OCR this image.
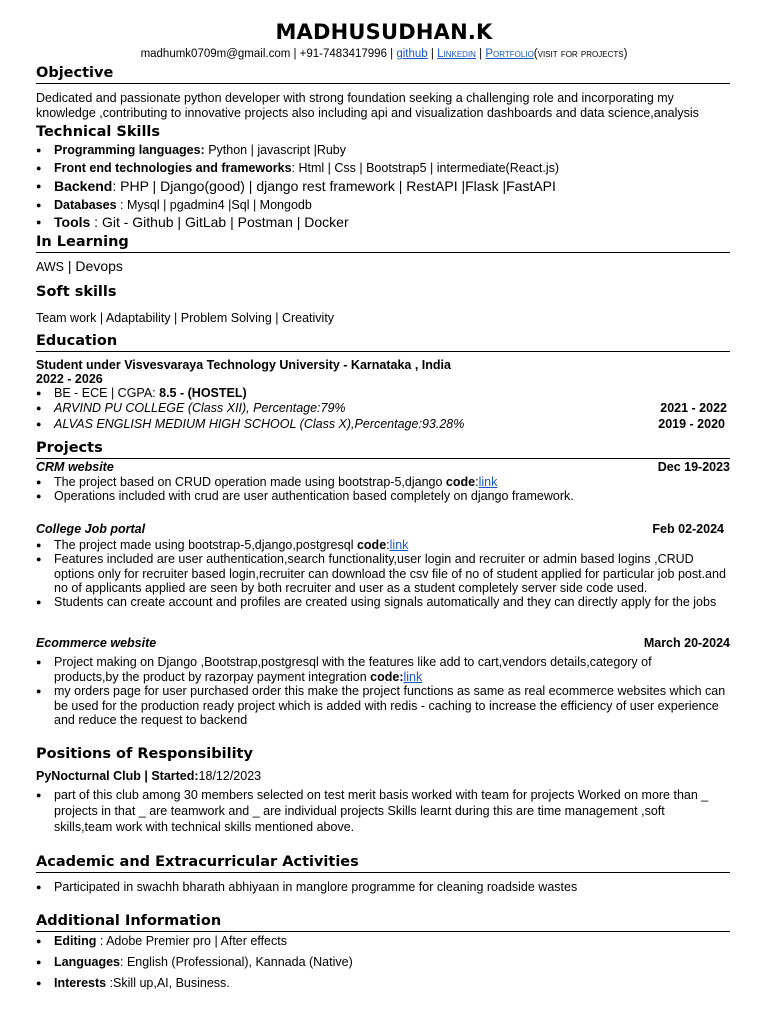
MADHUSUDHAN.K
madhumk0709m@gmail.com | +91-7483417996 | github | Linkedin | Portfolio(visit for projects)
Objective
Dedicated and passionate python developer with strong foundation seeking a challenging role and incorporating my knowledge ,contributing to innovative projects also including api and visualization dashboards and data science,analysis
Technical Skills
● Programming languages: Python | javascript |Ruby
● Front end technologies and frameworks: Html | Css | Bootstrap5 | intermediate(React.js)
● Backend: PHP | Django(good) | django rest framework | RestAPI |Flask |FastAPI
● Databases : Mysql | pgadmin4 |Sql | Mongodb
● Tools : Git - Github | GitLab | Postman | Docker
In Learning
AWS | Devops
Soft skills
Team work | Adaptability | Problem Solving | Creativity
Education
Student under Visvesvaraya Technology University - Karnataka , India
2022 - 2026
● BE - ECE | CGPA: 8.5 - (HOSTEL)
● ARVIND PU COLLEGE (Class XII), Percentage:79%	2021 - 2022
● ALVAS ENGLISH MEDIUM HIGH SCHOOL (Class X),Percentage:93.28%	2019 - 2020
Projects
CRM website	Dec 19-2023
● The project based on CRUD operation made using bootstrap-5,django code:link
● Operations included with crud are user authentication based completely on django framework.
College Job portal	Feb 02-2024
● The project made using bootstrap-5,django,postgresql code:link
● Features included are user authentication,search functionality,user login and recruiter or admin based logins ,CRUD options only for recruiter based login,recruiter can download the csv file of no of student applied for particular job post.and no of applicants applied are seen by both recruiter and user as a student completely server side code used.
● Students can create account and profiles are created using signals automatically and they can directly apply for the jobs
Ecommerce website	March 20-2024
● Project making on Django ,Bootstrap,postgresql with the features like add to cart,vendors details,category of products,by the product by razorpay payment integration code:link
● my orders page for user purchased order this make the project functions as same as real ecommerce websites which can be used for the production ready project which is added with redis - caching to increase the efficiency of user experience and reduce the request to backend
Positions of Responsibility
PyNocturnal Club | Started:18/12/2023
● part of this club among 30 members selected on test merit basis worked with team for projects Worked on more than _ projects in that _ are teamwork and _ are individual projects Skills learnt during this are time management ,soft skills,team work with technical skills mentioned above.
Academic and Extracurricular Activities
● Participated in swachh bharath abhiyaan in manglore programme for cleaning roadside wastes
Additional Information
● Editing : Adobe Premier pro | After effects
● Languages: English (Professional), Kannada (Native)
● Interests :Skill up,AI, Business.
